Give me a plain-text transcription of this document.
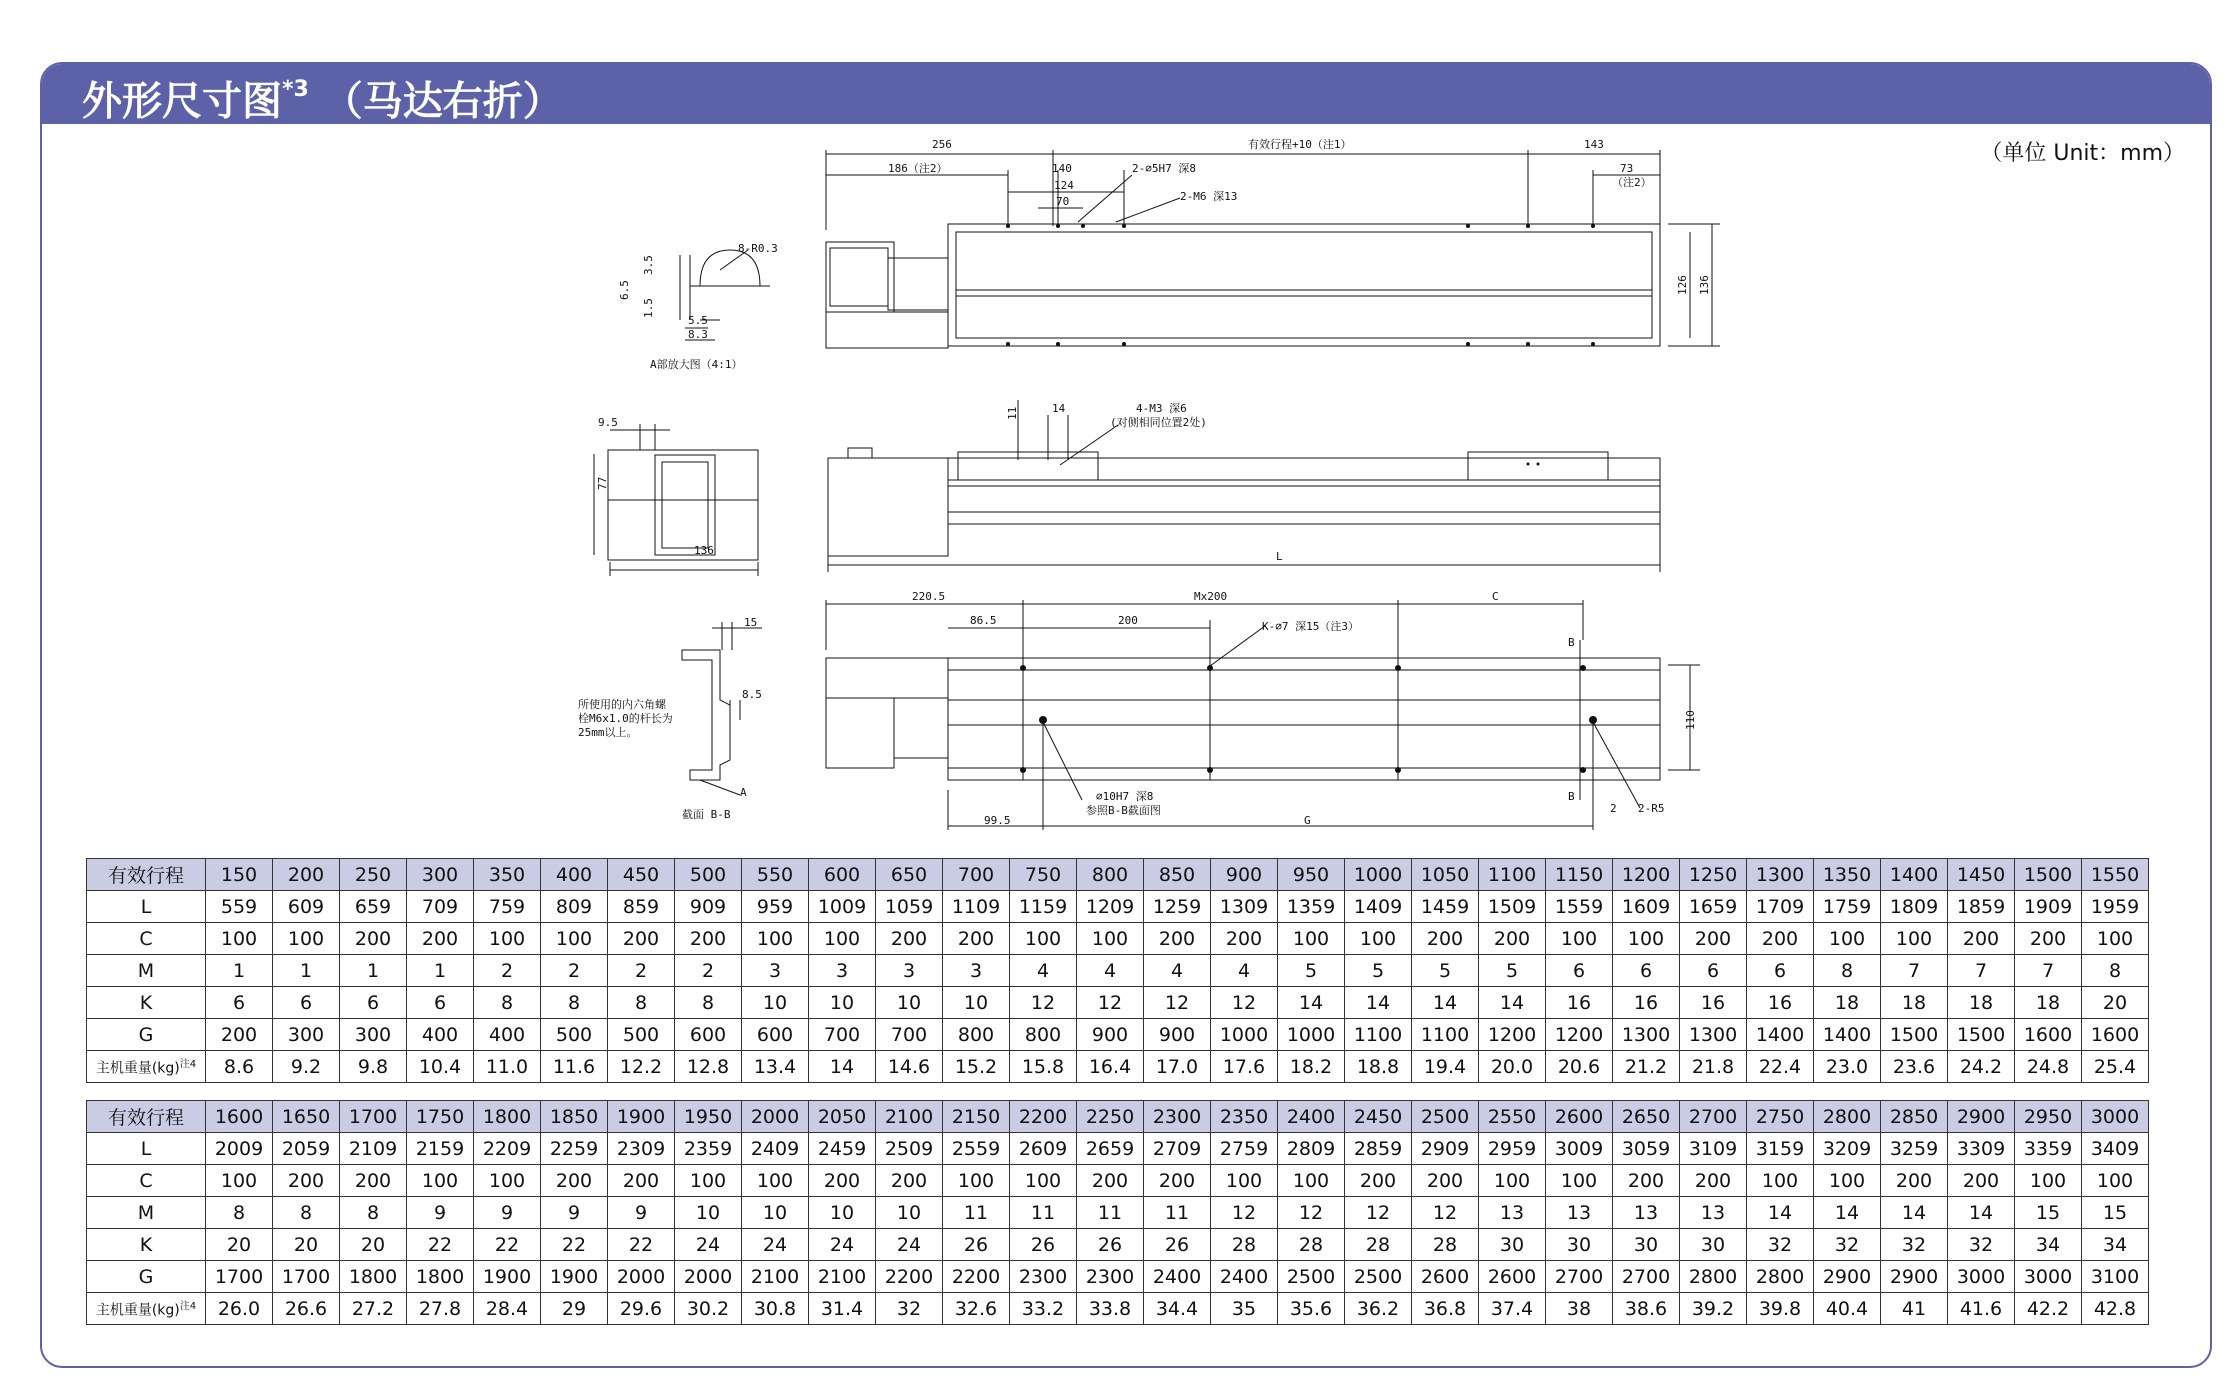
外形尺寸图$^{*3}$ （马达右折）
（单位 Unit：mm）
256	有效行程+10（注1）	143
186（注2）	140
124
70
2-∅5H7 深8
2-M6 深13
73
（注2）
126 136
8-R0.3
3.5
6.5
1.5
5.5
8.3
A部放大图（4:1）
9.5
77
136
11	14	4-M3 深6
(对侧相同位置2处)
L
220.5	Mx200	C
86.5	200	K-∅7 深15（注3）
B
B
110
∅10H7 深8
参照B-B截面图
99.5	G
2 2-R5
15
8.5
所使用的内六角螺
栓M6x1.0的杆长为
25mm以上。
A
截面 B-B
有效行程	150	200	250	300	350	400	450	500	550	600	650	700	750	800	850	900	950	1000	1050	1100	1150	1200	1250	1300	1350	1400	1450	1500	1550
L	559	609	659	709	759	809	859	909	959	1009	1059	1109	1159	1209	1259	1309	1359	1409	1459	1509	1559	1609	1659	1709	1759	1809	1859	1909	1959
C	100	100	200	200	100	100	200	200	100	100	200	200	100	100	200	200	100	100	200	200	100	100	200	200	100	100	200	200	100
M	1	1	1	1	2	2	2	2	3	3	3	3	4	4	4	4	5	5	5	5	6	6	6	6	8	7	7	7	8
K	6	6	6	6	8	8	8	8	10	10	10	10	12	12	12	12	14	14	14	14	16	16	16	16	18	18	18	18	20
G	200	300	300	400	400	500	500	600	600	700	700	800	800	900	900	1000	1000	1100	1100	1200	1200	1300	1300	1400	1400	1500	1500	1600	1600
主机重量(kg)$^{注4}$	8.6	9.2	9.8	10.4	11.0	11.6	12.2	12.8	13.4	14	14.6	15.2	15.8	16.4	17.0	17.6	18.2	18.8	19.4	20.0	20.6	21.2	21.8	22.4	23.0	23.6	24.2	24.8	25.4
有效行程	1600	1650	1700	1750	1800	1850	1900	1950	2000	2050	2100	2150	2200	2250	2300	2350	2400	2450	2500	2550	2600	2650	2700	2750	2800	2850	2900	2950	3000
L	2009	2059	2109	2159	2209	2259	2309	2359	2409	2459	2509	2559	2609	2659	2709	2759	2809	2859	2909	2959	3009	3059	3109	3159	3209	3259	3309	3359	3409
C	100	200	200	100	100	200	200	100	100	200	200	100	100	200	200	100	100	200	200	100	100	200	200	100	100	200	200	100	100
M	8	8	8	9	9	9	9	10	10	10	10	11	11	11	11	12	12	12	12	13	13	13	13	14	14	14	14	15	15
K	20	20	20	22	22	22	22	24	24	24	24	26	26	26	26	28	28	28	28	30	30	30	30	32	32	32	32	34	34
G	1700	1700	1800	1800	1900	1900	2000	2000	2100	2100	2200	2200	2300	2300	2400	2400	2500	2500	2600	2600	2700	2700	2800	2800	2900	2900	3000	3000	3100
主机重量(kg)$^{注4}$	26.0	26.6	27.2	27.8	28.4	29	29.6	30.2	30.8	31.4	32	32.6	33.2	33.8	34.4	35	35.6	36.2	36.8	37.4	38	38.6	39.2	39.8	40.4	41	41.6	42.2	42.8
